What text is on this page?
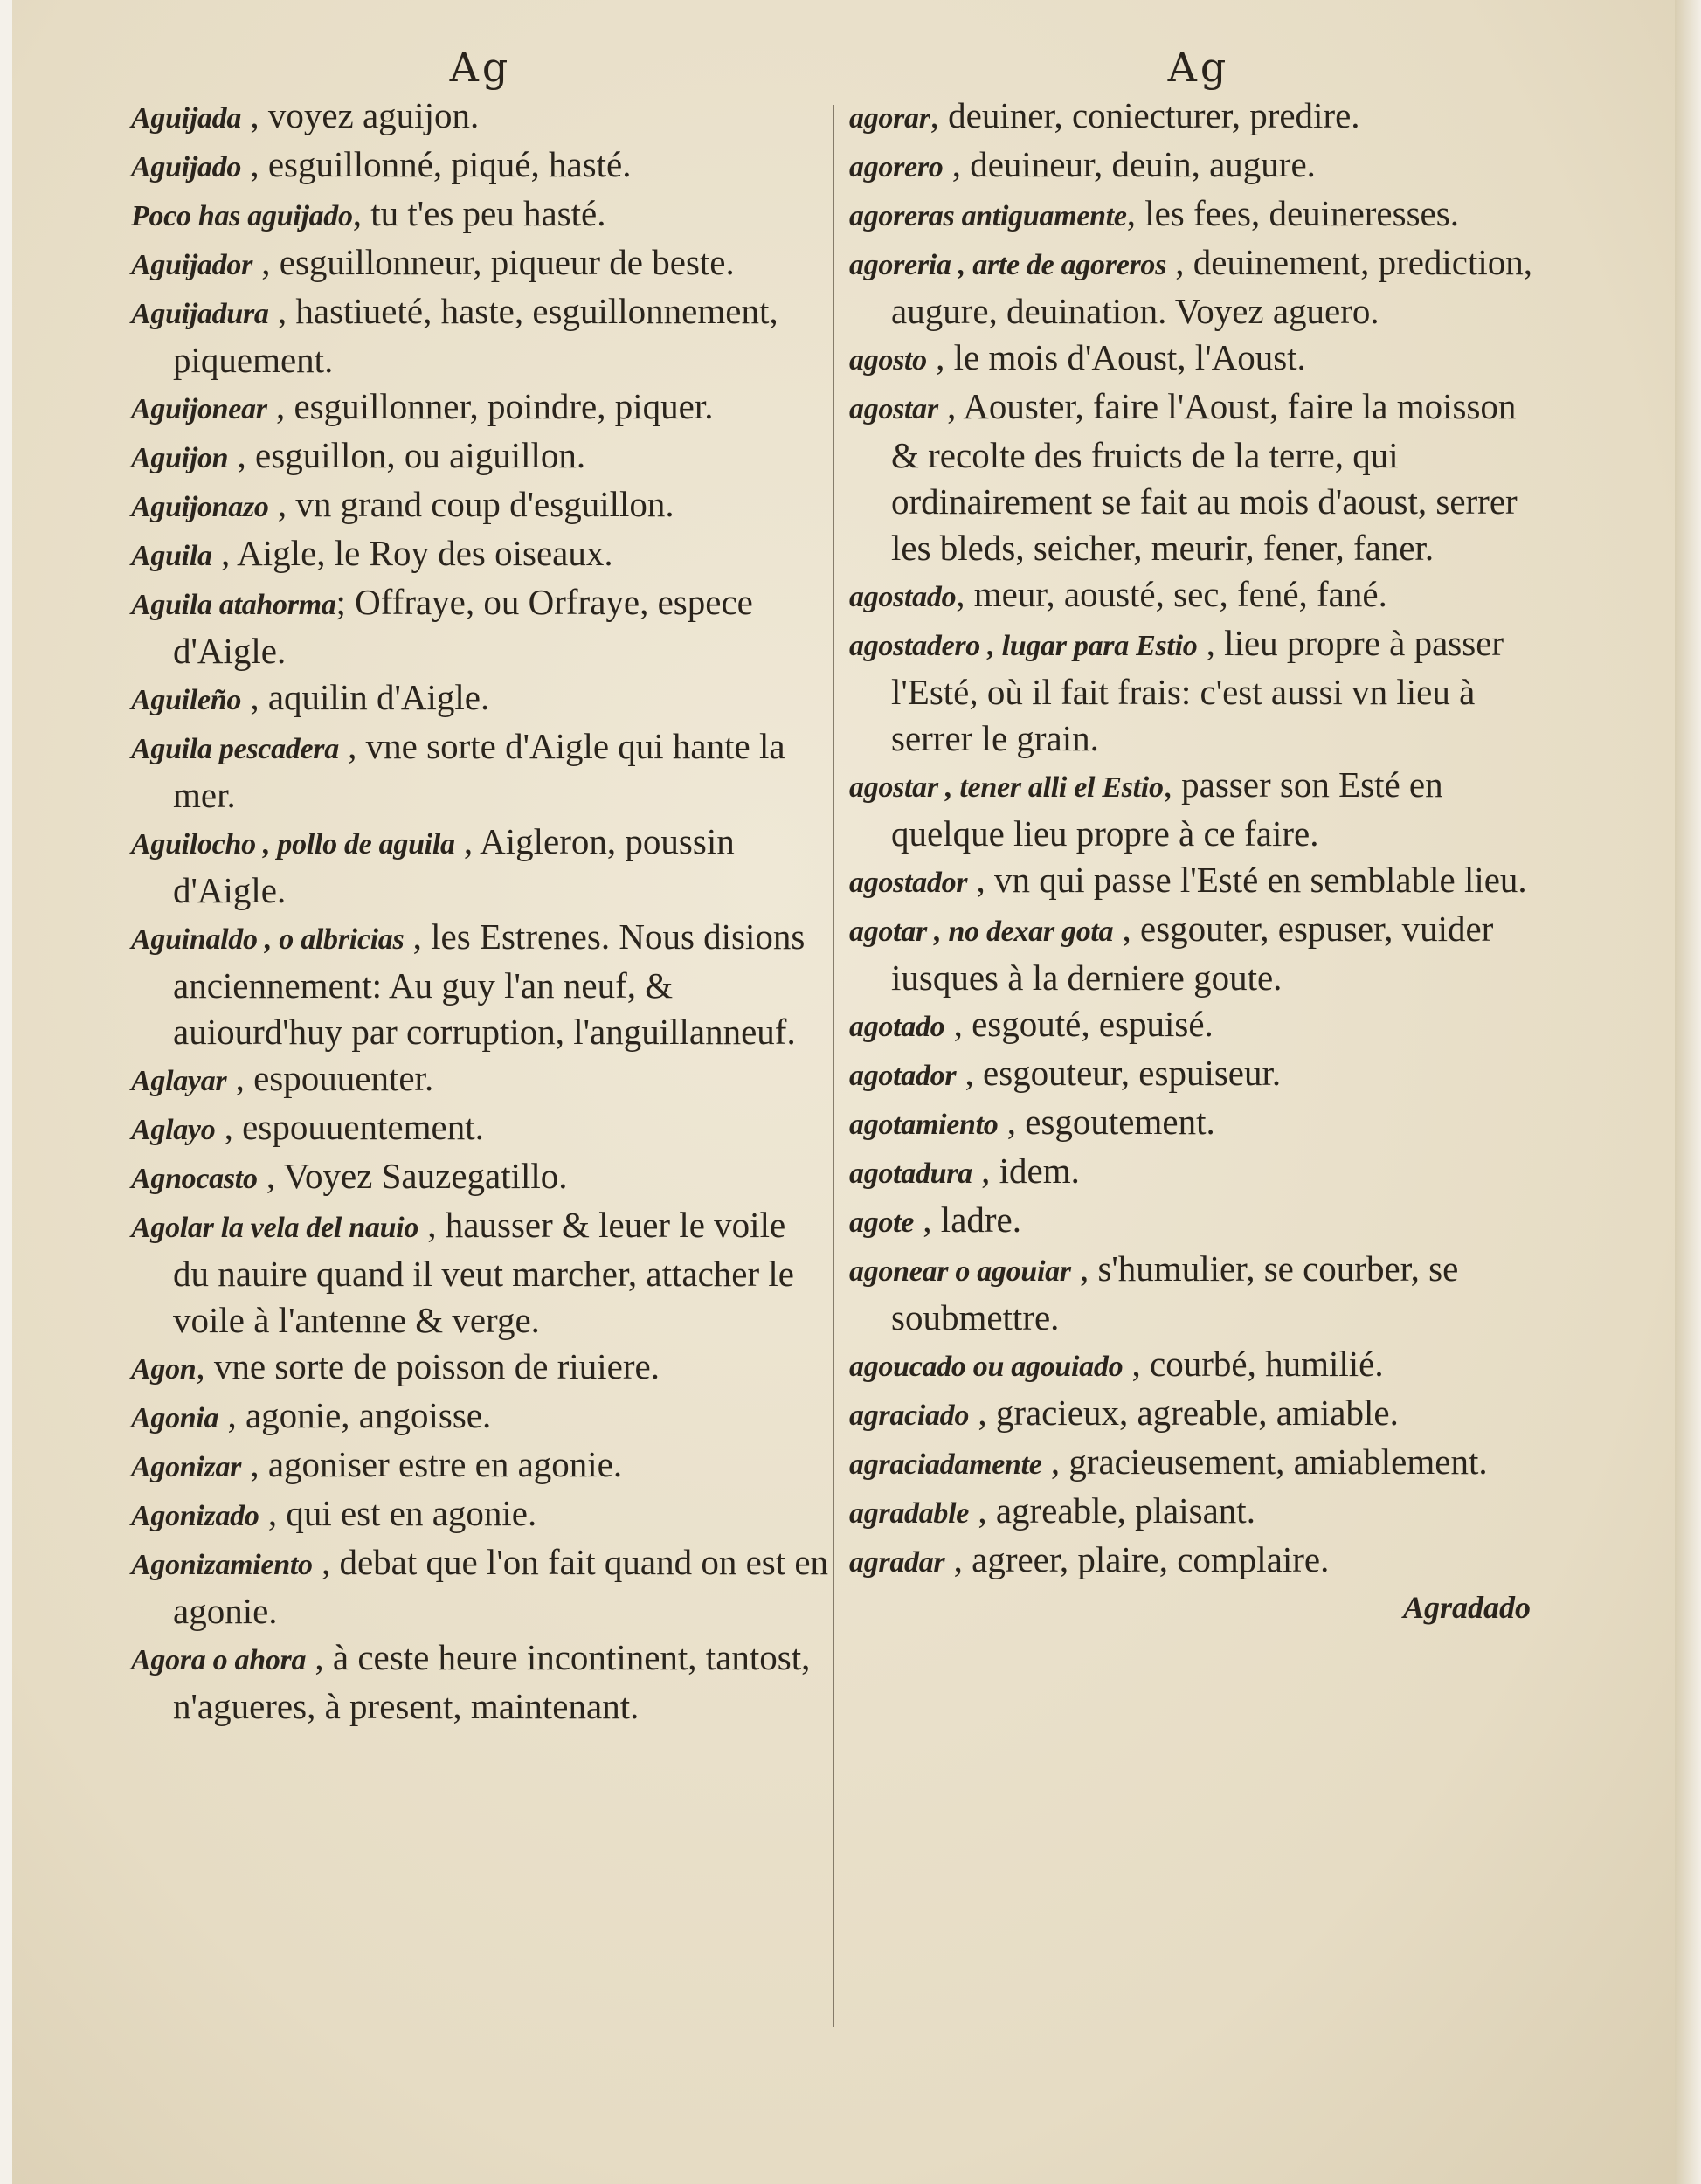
Ag

Aguijada , voyez aguijon.

Aguijado , esguillonné, piqué, hasté.

Poco has aguijado, tu t'es peu hasté.

Aguijador , esguillonneur, piqueur de beste.

Aguijadura , hastiueté, haste, esguillonnement, piquement.

Aguijonear , esguillonner, poindre, piquer.

Aguijon , esguillon, ou aiguillon.

Aguijonazo , vn grand coup d'esguillon.

Aguila , Aigle, le Roy des oiseaux.

Aguila atahorma; Offraye, ou Orfraye, espece d'Aigle.

Aguileño , aquilin d'Aigle.

Aguila pescadera , vne sorte d'Aigle qui hante la mer.

Aguilocho , pollo de aguila , Aigleron, poussin d'Aigle.

Aguinaldo , o albricias , les Estrenes. Nous disions anciennement: Au guy l'an neuf, & auiourd'huy par corruption, l'anguillanneuf.

Aglayar , espouuenter.

Aglayo , espouuentement.

Agnocasto , Voyez Sauzegatillo.

Agolar la vela del nauio , hausser & leuer le voile du nauire quand il veut marcher, attacher le voile à l'antenne & verge.

Agon, vne sorte de poisson de riuiere.

Agonia , agonie, angoisse.

Agonizar , agoniser estre en agonie.

Agonizado , qui est en agonie.

Agonizamiento , debat que l'on fait quand on est en agonie.

Agora o ahora , à ceste heure incontinent, tantost, n'agueres, à present, maintenant.

Ag

agorar, deuiner, coniecturer, predire.

agorero , deuineur, deuin, augure.

agoreras antiguamente, les fees, deuineresses.

agoreria , arte de agoreros , deuinement, prediction, augure, deuination. Voyez aguero.

agosto , le mois d'Aoust, l'Aoust.

agostar , Aouster, faire l'Aoust, faire la moisson & recolte des fruicts de la terre, qui ordinairement se fait au mois d'aoust, serrer les bleds, seicher, meurir, fener, faner.

agostado, meur, aousté, sec, fené, fané.

agostadero , lugar para Estio , lieu propre à passer l'Esté, où il fait frais: c'est aussi vn lieu à serrer le grain.

agostar , tener alli el Estio, passer son Esté en quelque lieu propre à ce faire.

agostador , vn qui passe l'Esté en semblable lieu.

agotar , no dexar gota , esgouter, espuser, vuider iusques à la derniere goute.

agotado , esgouté, espuisé.

agotador , esgouteur, espuiseur.

agotamiento , esgoutement.

agotadura , idem.

agote , ladre.

agonear o agouiar , s'humulier, se courber, se soubmettre.

agoucado ou agouiado , courbé, humilié.

agraciado , gracieux, agreable, amiable.

agraciadamente , gracieusement, amiablement.

agradable , agreable, plaisant.

agradar , agreer, plaire, complaire.

Agradado
